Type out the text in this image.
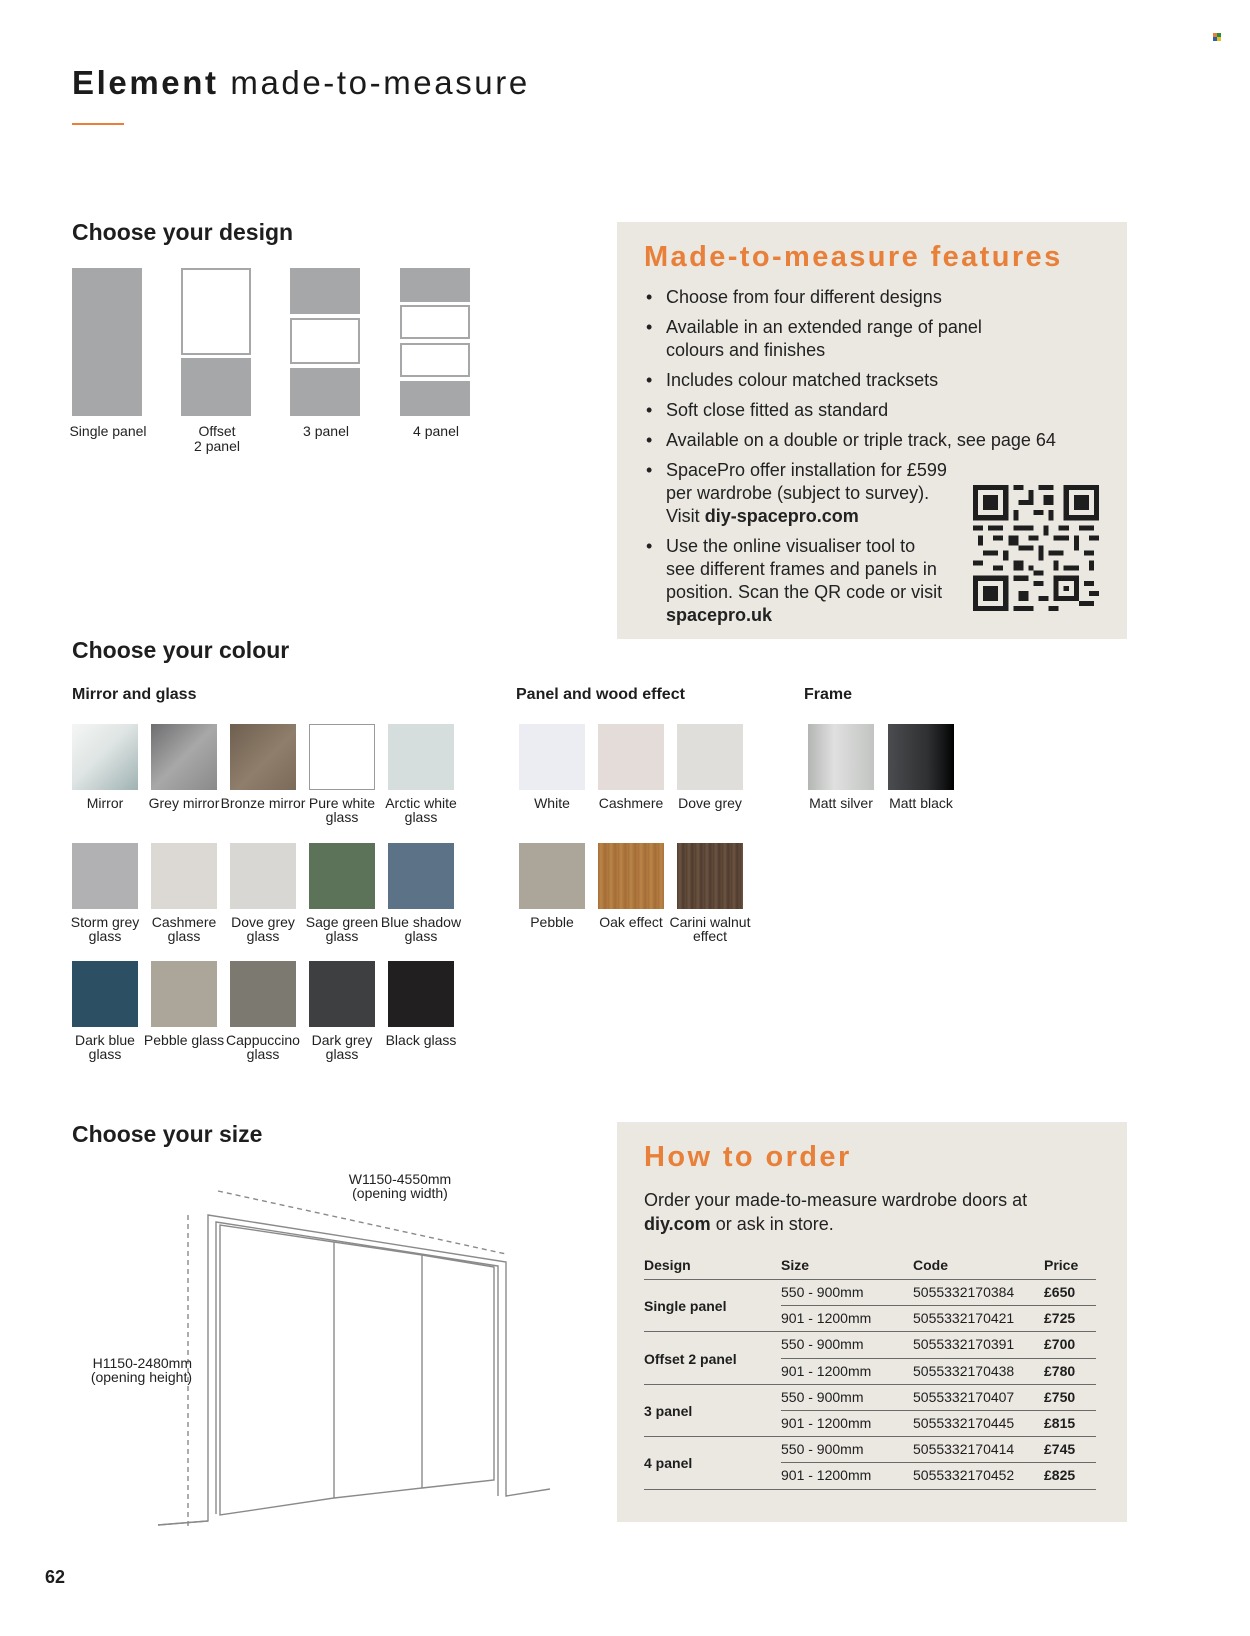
Element made-to-measure
Choose your design
Single panel	Offset
2 panel
3 panel	4 panel
Made-to-measure features
• Choose from four different designs
• Available in an extended range of panel colours and finishes
• Includes colour matched tracksets
• Soft close fitted as standard
• Available on a double or triple track, see page 64
• SpacePro offer installation for £599 per wardrobe (subject to survey). Visit diy-spacepro.com
• Use the online visualiser tool to see different frames and panels in position. Scan the QR code or visit spacepro.uk
Choose your colour
Mirror and glass	Panel and wood effect	Frame
Mirror	Grey mirror Bronze mirror Pure white glass
Arctic white glass
Storm grey glass
Cashmere glass
Dove grey glass
Sage green glass
Blue shadow glass
Dark blue glass
Pebble glass Cappuccino glass
Dark grey glass
Black glass
White	Cashmere	Dove grey
Pebble	Oak effect Carini walnut effect
Matt silver	Matt black
Choose your size
W1150-4550mm
(opening width)
H1150-2480mm
(opening height)
How to order
Order your made-to-measure wardrobe doors at diy.com or ask in store.
Design	Size	Code	Price
Single panel
550 - 900mm	5055332170384 £650
901 - 1200mm	5055332170421 £725
Offset 2 panel
550 - 900mm	5055332170391 £700
901 - 1200mm	5055332170438 £780
3 panel
550 - 900mm	5055332170407 £750
901 - 1200mm	5055332170445 £815
4 panel
550 - 900mm	5055332170414 £745
901 - 1200mm	5055332170452 £825
62
